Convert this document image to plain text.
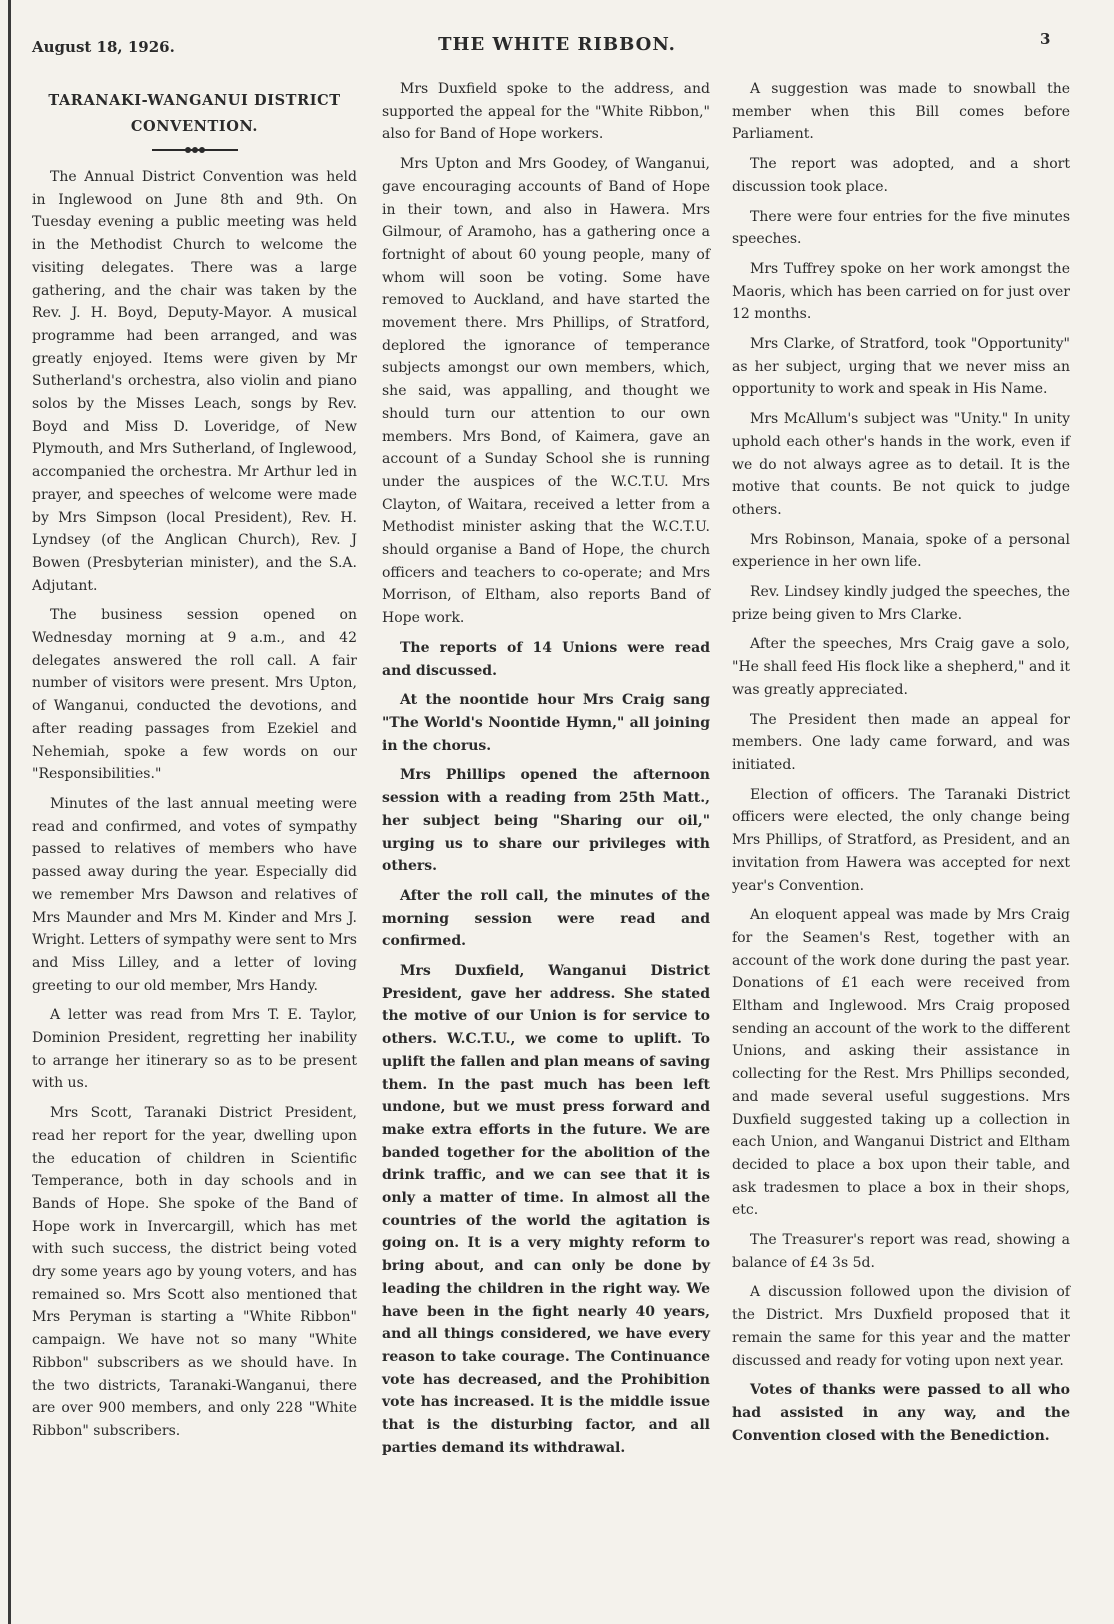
August 18, 1926.	THE WHITE RIBBON.	3
TARANAKI-WANGANUI DISTRICT
CONVENTION.

The Annual District Convention was held in Inglewood on June 8th and 9th. On Tuesday evening a public meeting was held in the Methodist Church to welcome the visiting delegates. There was a large gathering, and the chair was taken by the Rev. J. H. Boyd, Deputy-Mayor. A musical programme had been arranged, and was greatly enjoyed. Items were given by Mr Sutherland's orchestra, also violin and piano solos by the Misses Leach, songs by Rev. Boyd and Miss D. Loveridge, of New Plymouth, and Mrs Sutherland, of Inglewood, accompanied the orchestra. Mr Arthur led in prayer, and speeches of welcome were made by Mrs Simpson (local President), Rev. H. Lyndsey (of the Anglican Church), Rev. J Bowen (Presbyterian minister), and the S.A. Adjutant.

The business session opened on Wednesday morning at 9 a.m., and 42 delegates answered the roll call. A fair number of visitors were present. Mrs Upton, of Wanganui, conducted the devotions, and after reading passages from Ezekiel and Nehemiah, spoke a few words on our "Responsibilities."

Minutes of the last annual meeting were read and confirmed, and votes of sympathy passed to relatives of members who have passed away during the year. Especially did we remember Mrs Dawson and relatives of Mrs Maunder and Mrs M. Kinder and Mrs J. Wright. Letters of sympathy were sent to Mrs and Miss Lilley, and a letter of loving greeting to our old member, Mrs Handy.

A letter was read from Mrs T. E. Taylor, Dominion President, regretting her inability to arrange her itinerary so as to be present with us.

Mrs Scott, Taranaki District President, read her report for the year, dwelling upon the education of children in Scientific Temperance, both in day schools and in Bands of Hope. She spoke of the Band of Hope work in Invercargill, which has met with such success, the district being voted dry some years ago by young voters, and has remained so. Mrs Scott also mentioned that Mrs Peryman is starting a "White Ribbon" campaign. We have not so many "White Ribbon" subscribers as we should have. In the two districts, Taranaki-Wanganui, there are over 900 members, and only 228 "White Ribbon" subscribers.

Mrs Duxfield spoke to the address, and supported the appeal for the "White Ribbon," also for Band of Hope workers.

Mrs Upton and Mrs Goodey, of Wanganui, gave encouraging accounts of Band of Hope in their town, and also in Hawera. Mrs Gilmour, of Aramoho, has a gathering once a fortnight of about 60 young people, many of whom will soon be voting. Some have removed to Auckland, and have started the movement there. Mrs Phillips, of Stratford, deplored the ignorance of temperance subjects amongst our own members, which, she said, was appalling, and thought we should turn our attention to our own members. Mrs Bond, of Kaimera, gave an account of a Sunday School she is running under the auspices of the W.C.T.U. Mrs Clayton, of Waitara, received a letter from a Methodist minister asking that the W.C.T.U. should organise a Band of Hope, the church officers and teachers to co-operate; and Mrs Morrison, of Eltham, also reports Band of Hope work.

The reports of 14 Unions were read and discussed.

At the noontide hour Mrs Craig sang "The World's Noontide Hymn," all joining in the chorus.

Mrs Phillips opened the afternoon session with a reading from 25th Matt., her subject being "Sharing our oil," urging us to share our privileges with others.

After the roll call, the minutes of the morning session were read and confirmed.

Mrs Duxfield, Wanganui District President, gave her address. She stated the motive of our Union is for service to others. W.C.T.U., we come to uplift. To uplift the fallen and plan means of saving them. In the past much has been left undone, but we must press forward and make extra efforts in the future. We are banded together for the abolition of the drink traffic, and we can see that it is only a matter of time. In almost all the countries of the world the agitation is going on. It is a very mighty reform to bring about, and can only be done by leading the children in the right way. We have been in the fight nearly 40 years, and all things considered, we have every reason to take courage. The Continuance vote has decreased, and the Prohibition vote has increased. It is the middle issue that is the disturbing factor, and all parties demand its withdrawal.

A suggestion was made to snowball the member when this Bill comes before Parliament.

The report was adopted, and a short discussion took place.

There were four entries for the five minutes speeches.

Mrs Tuffrey spoke on her work amongst the Maoris, which has been carried on for just over 12 months.

Mrs Clarke, of Stratford, took "Opportunity" as her subject, urging that we never miss an opportunity to work and speak in His Name.

Mrs McAllum's subject was "Unity." In unity uphold each other's hands in the work, even if we do not always agree as to detail. It is the motive that counts. Be not quick to judge others.

Mrs Robinson, Manaia, spoke of a personal experience in her own life.

Rev. Lindsey kindly judged the speeches, the prize being given to Mrs Clarke.

After the speeches, Mrs Craig gave a solo, "He shall feed His flock like a shepherd," and it was greatly appreciated.

The President then made an appeal for members. One lady came forward, and was initiated.

Election of officers. The Taranaki District officers were elected, the only change being Mrs Phillips, of Stratford, as President, and an invitation from Hawera was accepted for next year's Convention.

An eloquent appeal was made by Mrs Craig for the Seamen's Rest, together with an account of the work done during the past year. Donations of £1 each were received from Eltham and Inglewood. Mrs Craig proposed sending an account of the work to the different Unions, and asking their assistance in collecting for the Rest. Mrs Phillips seconded, and made several useful suggestions. Mrs Duxfield suggested taking up a collection in each Union, and Wanganui District and Eltham decided to place a box upon their table, and ask tradesmen to place a box in their shops, etc.

The Treasurer's report was read, showing a balance of £4 3s 5d.

A discussion followed upon the division of the District. Mrs Duxfield proposed that it remain the same for this year and the matter discussed and ready for voting upon next year.

Votes of thanks were passed to all who had assisted in any way, and the Convention closed with the Benediction.
